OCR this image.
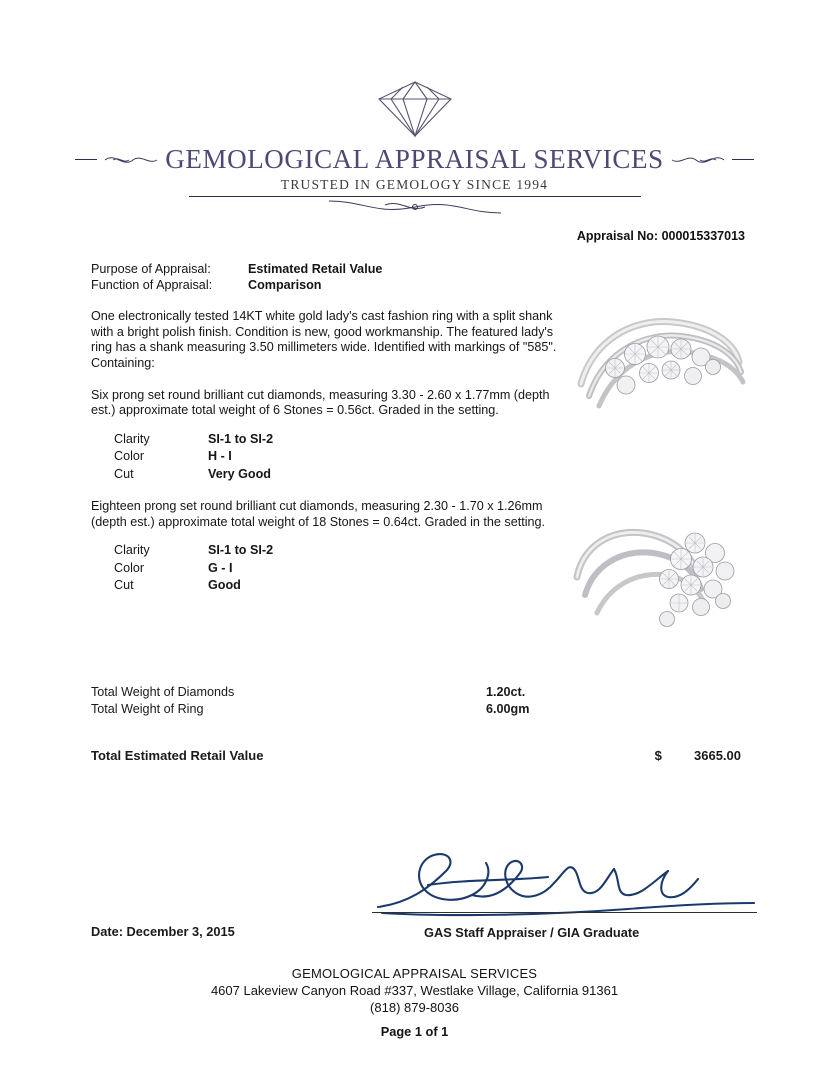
GEMOLOGICAL APPRAISAL SERVICES
TRUSTED IN GEMOLOGY SINCE 1994
Appraisal No: 000015337013
Purpose of Appraisal:	Estimated Retail Value
Function of Appraisal:	Comparison
One electronically tested 14KT white gold lady's cast fashion ring with a split shank with a bright polish finish. Condition is new, good workmanship. The featured lady's ring has a shank measuring 3.50 millimeters wide. Identified with markings of "585". Containing:
Six prong set round brilliant cut diamonds, measuring 3.30 - 2.60 x 1.77mm (depth est.) approximate total weight of 6 Stones = 0.56ct. Graded in the setting.
Clarity	SI-1 to SI-2
Color	H - I
Cut	Very Good
Eighteen prong set round brilliant cut diamonds, measuring 2.30 - 1.70 x 1.26mm (depth est.) approximate total weight of 18 Stones = 0.64ct. Graded in the setting.
Clarity	SI-1 to SI-2
Color	G - I
Cut	Good
Total Weight of Diamonds	1.20ct.
Total Weight of Ring	6.00gm
Total Estimated Retail Value	$	3665.00
Date: December 3, 2015	GAS Staff Appraiser / GIA Graduate
GEMOLOGICAL APPRAISAL SERVICES
4607 Lakeview Canyon Road #337, Westlake Village, California 91361
(818) 879-8036
Page 1 of 1
